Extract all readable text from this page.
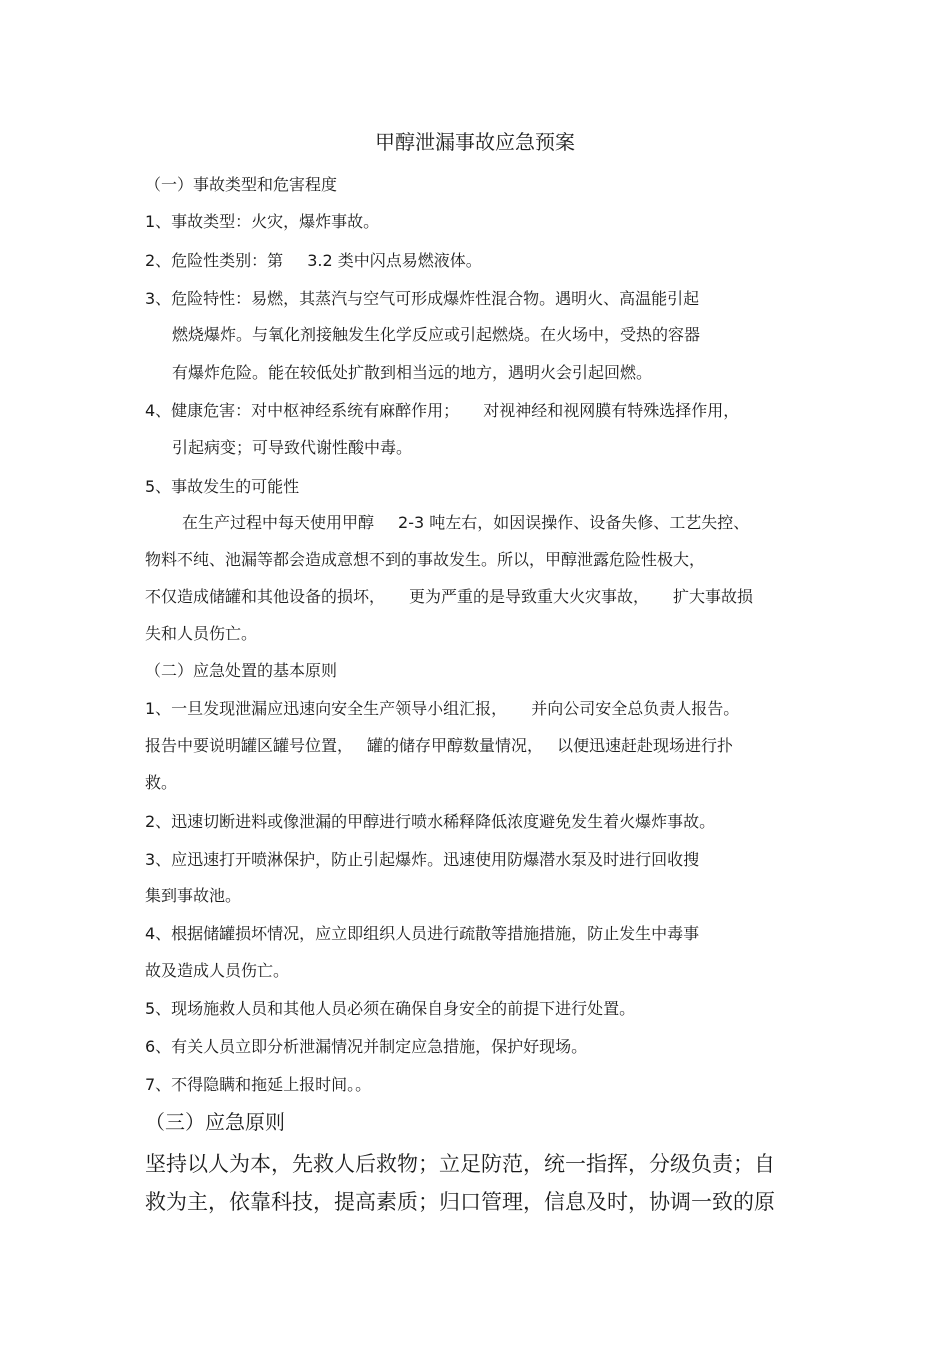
甲醇泄漏事故应急预案
（一）事故类型和危害程度
1、事故类型：火灾，爆炸事故。
2、危险性类别：第 3.2 类中闪点易燃液体。
3、危险特性：易燃，其蒸汽与空气可形成爆炸性混合物。遇明火、高温能引起
燃烧爆炸。与氧化剂接触发生化学反应或引起燃烧。在火场中，受热的容器
有爆炸危险。能在较低处扩散到相当远的地方，遇明火会引起回燃。
4、健康危害：对中枢神经系统有麻醉作用； 对视神经和视网膜有特殊选择作用，
引起病变；可导致代谢性酸中毒。
5、事故发生的可能性
在生产过程中每天使用甲醇 2-3 吨左右，如因误操作、设备失修、工艺失控、
物料不纯、池漏等都会造成意想不到的事故发生。所以，甲醇泄露危险性极大，
不仅造成储罐和其他设备的损坏， 更为严重的是导致重大火灾事故， 扩大事故损
失和人员伤亡。
（二）应急处置的基本原则
1、一旦发现泄漏应迅速向安全生产领导小组汇报， 并向公司安全总负责人报告。
报告中要说明罐区罐号位置， 罐的储存甲醇数量情况， 以便迅速赶赴现场进行扑
救。
2、迅速切断进料或像泄漏的甲醇进行喷水稀释降低浓度避免发生着火爆炸事故。
3、应迅速打开喷淋保护，防止引起爆炸。迅速使用防爆潜水泵及时进行回收搜
集到事故池。
4、根据储罐损坏情况，应立即组织人员进行疏散等措施措施，防止发生中毒事
故及造成人员伤亡。
5、现场施救人员和其他人员必须在确保自身安全的前提下进行处置。
6、有关人员立即分析泄漏情况并制定应急措施，保护好现场。
7、不得隐瞒和拖延上报时间。。
（三）应急原则
坚持以人为本，先救人后救物；立足防范，统一指挥，分级负责；自
救为主，依靠科技，提高素质；归口管理，信息及时，协调一致的原
